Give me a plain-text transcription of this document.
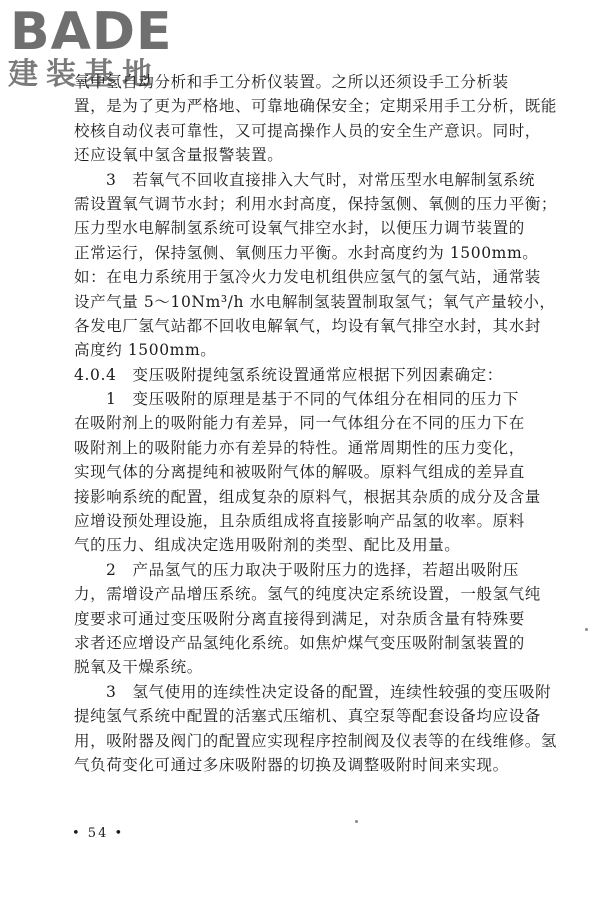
BADE
建装基地
氧中氢自动分析和手工分析仪装置。之所以还须设手工分析装
置，是为了更为严格地、可靠地确保安全；定期采用手工分析，既能
校核自动仪表可靠性，又可提高操作人员的安全生产意识。同时，
还应设氧中氢含量报警装置。
3　若氧气不回收直接排入大气时，对常压型水电解制氢系统
需设置氧气调节水封；利用水封高度，保持氢侧、氧侧的压力平衡；
压力型水电解制氢系统可设氧气排空水封，以便压力调节装置的
正常运行，保持氢侧、氧侧压力平衡。水封高度约为 1500mm。
如：在电力系统用于氢冷火力发电机组供应氢气的氢气站，通常装
设产气量 5～10Nm³/h 水电解制氢装置制取氢气；氧气产量较小，
各发电厂氢气站都不回收电解氧气，均设有氧气排空水封，其水封
高度约 1500mm。
4.0.4　变压吸附提纯氢系统设置通常应根据下列因素确定：
1　变压吸附的原理是基于不同的气体组分在相同的压力下
在吸附剂上的吸附能力有差异，同一气体组分在不同的压力下在
吸附剂上的吸附能力亦有差异的特性。通常周期性的压力变化，
实现气体的分离提纯和被吸附气体的解吸。原料气组成的差异直
接影响系统的配置，组成复杂的原料气，根据其杂质的成分及含量
应增设预处理设施，且杂质组成将直接影响产品氢的收率。原料
气的压力、组成决定选用吸附剂的类型、配比及用量。
2　产品氢气的压力取决于吸附压力的选择，若超出吸附压
力，需增设产品增压系统。氢气的纯度决定系统设置，一般氢气纯
度要求可通过变压吸附分离直接得到满足，对杂质含量有特殊要
求者还应增设产品氢纯化系统。如焦炉煤气变压吸附制氢装置的
脱氧及干燥系统。
3　氢气使用的连续性决定设备的配置，连续性较强的变压吸附
提纯氢气系统中配置的活塞式压缩机、真空泵等配套设备均应设备
用，吸附器及阀门的配置应实现程序控制阀及仪表等的在线维修。氢
气负荷变化可通过多床吸附器的切换及调整吸附时间来实现。
• 54 •
